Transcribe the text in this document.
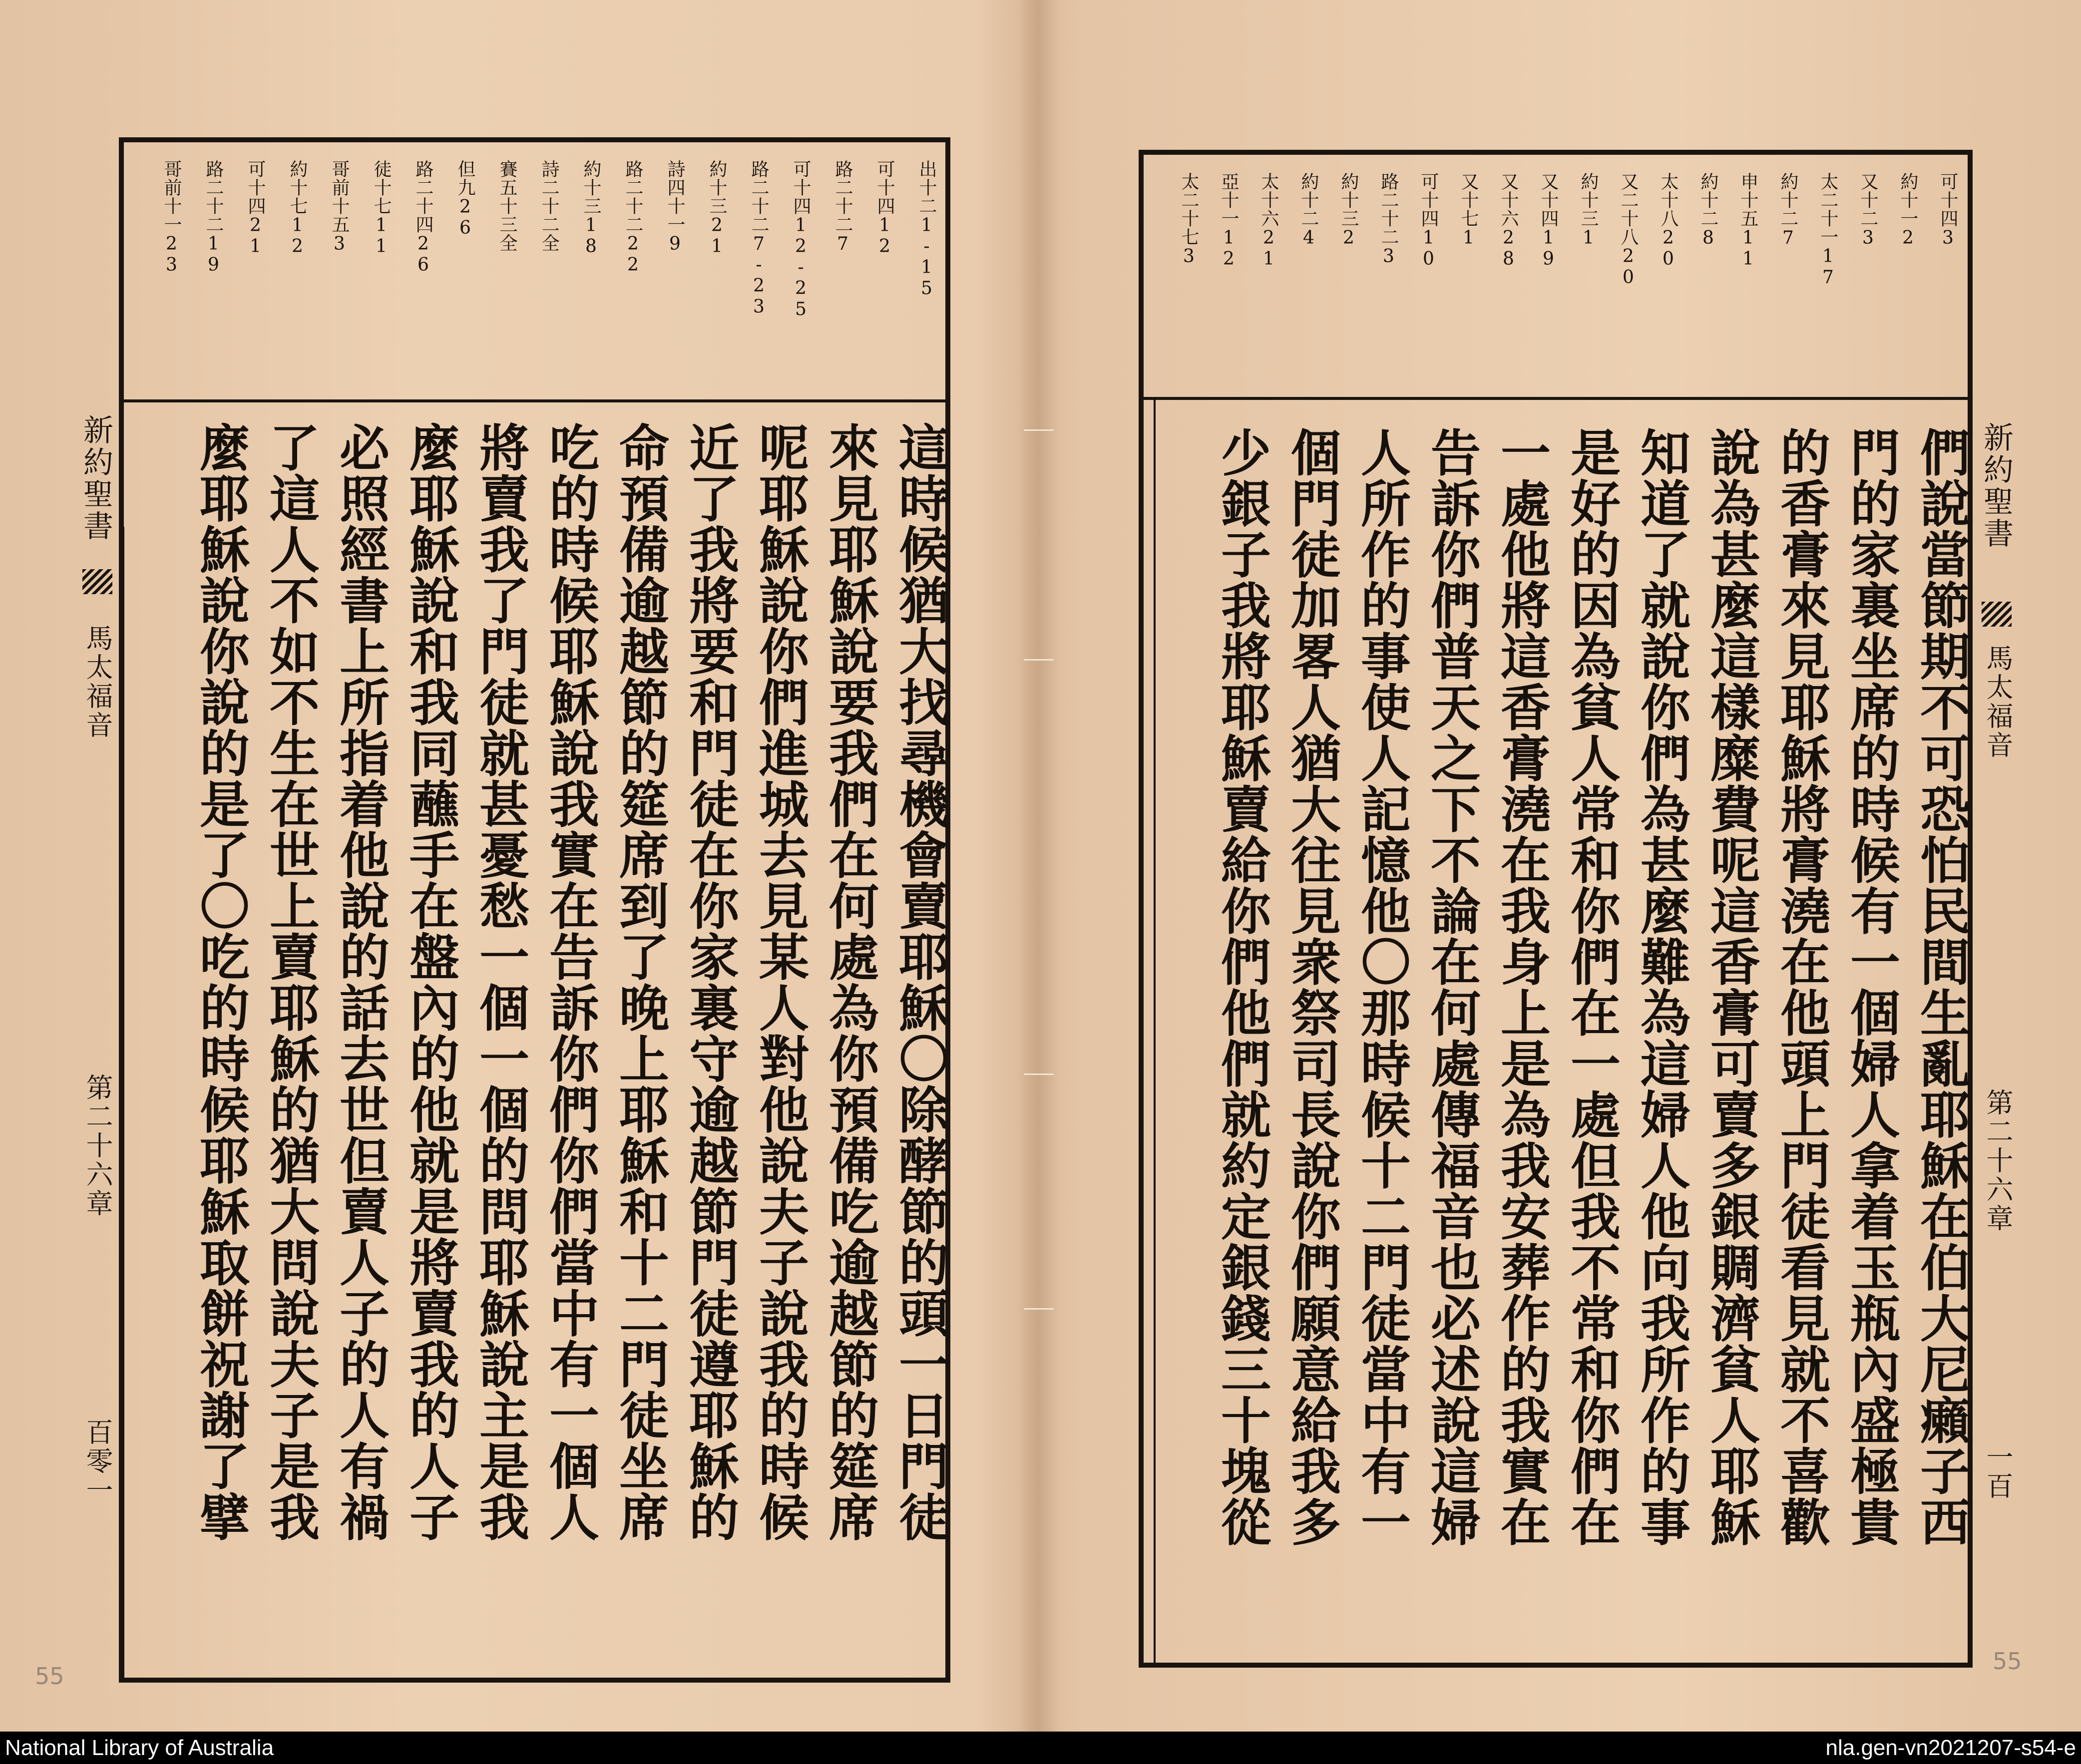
出十二1-15
可十四12
路二十二7
可十四12-25
路二十二7-23
約十三21
詩四十一9
路二十二22
約十三18
詩二十二全
賽五十三全
但九26
路二十四26
徒十七11
哥前十五3
約十七12
可十四21
路二十二19
哥前十一23
這時候猶大找尋機會賣耶穌〇除酵節的頭一日門徒
來見耶穌說要我們在何處為你預備吃逾越節的筵席
呢耶穌說你們進城去見某人對他說夫子說我的時候
近了我將要和門徒在你家裏守逾越節門徒遵耶穌的
命預備逾越節的筵席到了晚上耶穌和十二門徒坐席
吃的時候耶穌說我實在告訴你們你們當中有一個人
將賣我了門徒就甚憂愁一個一個的問耶穌說主是我
麼耶穌說和我同蘸手在盤內的他就是將賣我的人子
必照經書上所指着他說的話去世但賣人子的人有禍
了這人不如不生在世上賣耶穌的猶大問說夫子是我
麼耶穌說你說的是了〇吃的時候耶穌取餅祝謝了擘
新約聖書
馬太福音
第二十六章
百零一
55
可十四3
約十一2
又十二3
太二十一17
約十二7
申十五11
約十二8
太十八20
又二十八20
約十三1
又十四19
又十六28
又十七1
可十四10
路二十二3
約十三2
約十二4
太十六21
亞十一12
太二十七3
們說當節期不可恐怕民間生亂耶穌在伯大尼癩子西
門的家裏坐席的時候有一個婦人拿着玉瓶內盛極貴
的香膏來見耶穌將膏澆在他頭上門徒看見就不喜歡
說為甚麼這樣糜費呢這香膏可賣多銀賙濟貧人耶穌
知道了就說你們為甚麼難為這婦人他向我所作的事
是好的因為貧人常和你們在一處但我不常和你們在
一處他將這香膏澆在我身上是為我安葬作的我實在
告訴你們普天之下不論在何處傳福音也必述說這婦
人所作的事使人記憶他〇那時候十二門徒當中有一
個門徒加畧人猶大往見衆祭司長說你們願意給我多
少銀子我將耶穌賣給你們他們就約定銀錢三十塊從	新約聖書
馬太福音
第二十六章
一百
55
National Library of Australia	nla.gen-vn2021207-s54-e
